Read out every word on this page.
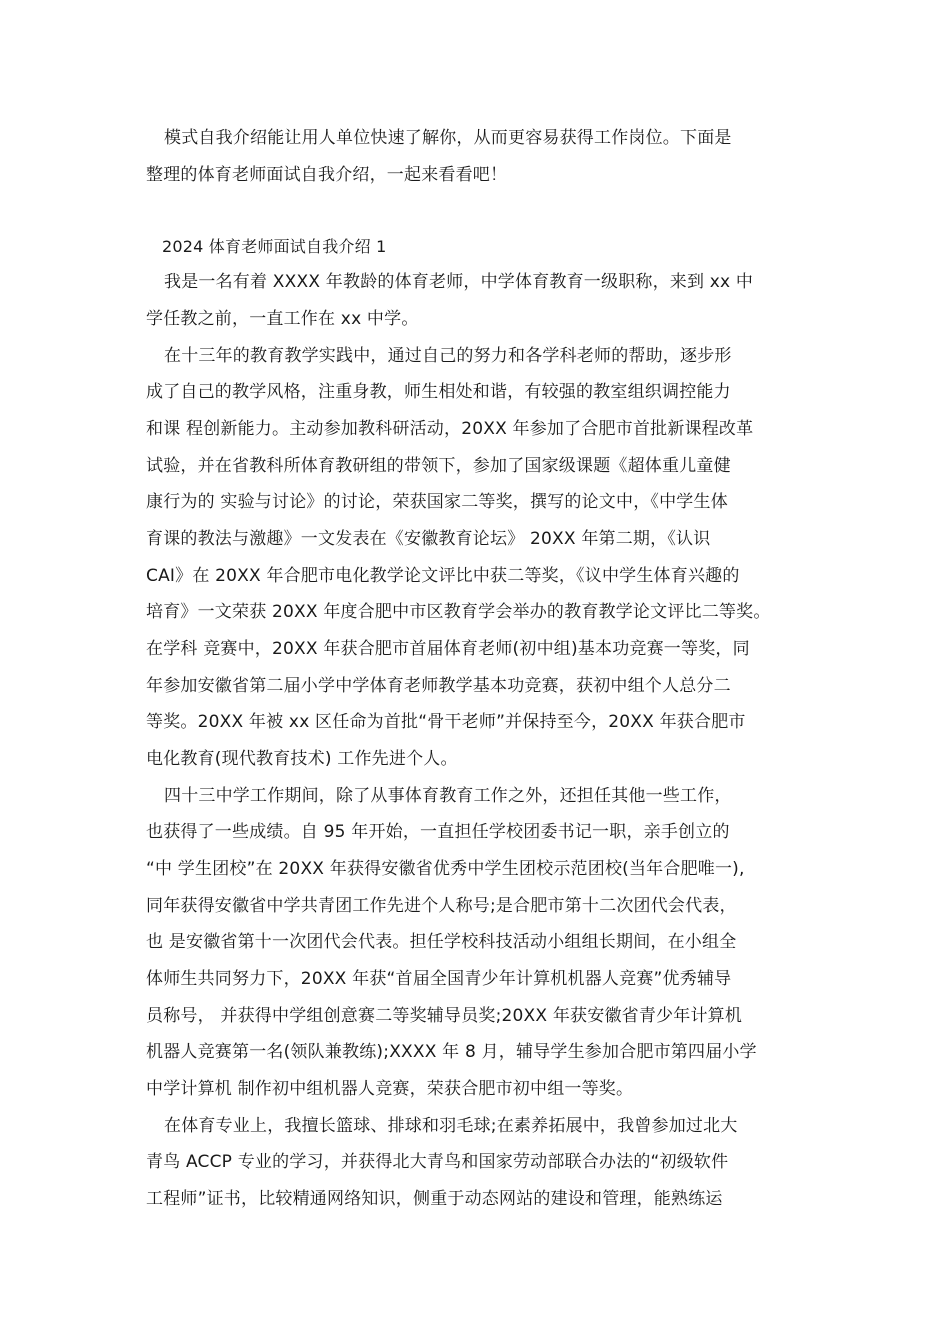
模式自我介绍能让用人单位快速了解你，从而更容易获得工作岗位。下面是
整理的体育老师面试自我介绍，一起来看看吧！
2024 体育老师面试自我介绍 1
我是一名有着 XXXX 年教龄的体育老师，中学体育教育一级职称，来到 xx 中
学任教之前，一直工作在 xx 中学。
在十三年的教育教学实践中，通过自己的努力和各学科老师的帮助，逐步形
成了自己的教学风格，注重身教，师生相处和谐，有较强的教室组织调控能力
和课 程创新能力。主动参加教科研活动，20XX 年参加了合肥市首批新课程改革
试验，并在省教科所体育教研组的带领下，参加了国家级课题《超体重儿童健
康行为的 实验与讨论》的讨论，荣获国家二等奖，撰写的论文中，《中学生体
育课的教法与激趣》一文发表在《安徽教育论坛》 20XX 年第二期，《认识
CAI》在 20XX 年合肥市电化教学论文评比中获二等奖，《议中学生体育兴趣的
培育》一文荣获 20XX 年度合肥中市区教育学会举办的教育教学论文评比二等奖。
在学科 竞赛中，20XX 年获合肥市首届体育老师(初中组)基本功竞赛一等奖，同
年参加安徽省第二届小学中学体育老师教学基本功竞赛，获初中组个人总分二
等奖。20XX 年被 xx 区任命为首批“骨干老师”并保持至今，20XX 年获合肥市
电化教育(现代教育技术) 工作先进个人。
四十三中学工作期间，除了从事体育教育工作之外，还担任其他一些工作，
也获得了一些成绩。自 95 年开始，一直担任学校团委书记一职，亲手创立的
“中 学生团校”在 20XX 年获得安徽省优秀中学生团校示范团校(当年合肥唯一),
同年获得安徽省中学共青团工作先进个人称号;是合肥市第十二次团代会代表，
也 是安徽省第十一次团代会代表。担任学校科技活动小组组长期间，在小组全
体师生共同努力下，20XX 年获“首届全国青少年计算机机器人竞赛”优秀辅导
员称号， 并获得中学组创意赛二等奖辅导员奖;20XX 年获安徽省青少年计算机
机器人竞赛第一名(领队兼教练);XXXX 年 8 月，辅导学生参加合肥市第四届小学
中学计算机 制作初中组机器人竞赛，荣获合肥市初中组一等奖。
在体育专业上，我擅长篮球、排球和羽毛球;在素养拓展中，我曾参加过北大
青鸟 ACCP 专业的学习，并获得北大青鸟和国家劳动部联合办法的“初级软件
工程师”证书，比较精通网络知识，侧重于动态网站的建设和管理，能熟练运
